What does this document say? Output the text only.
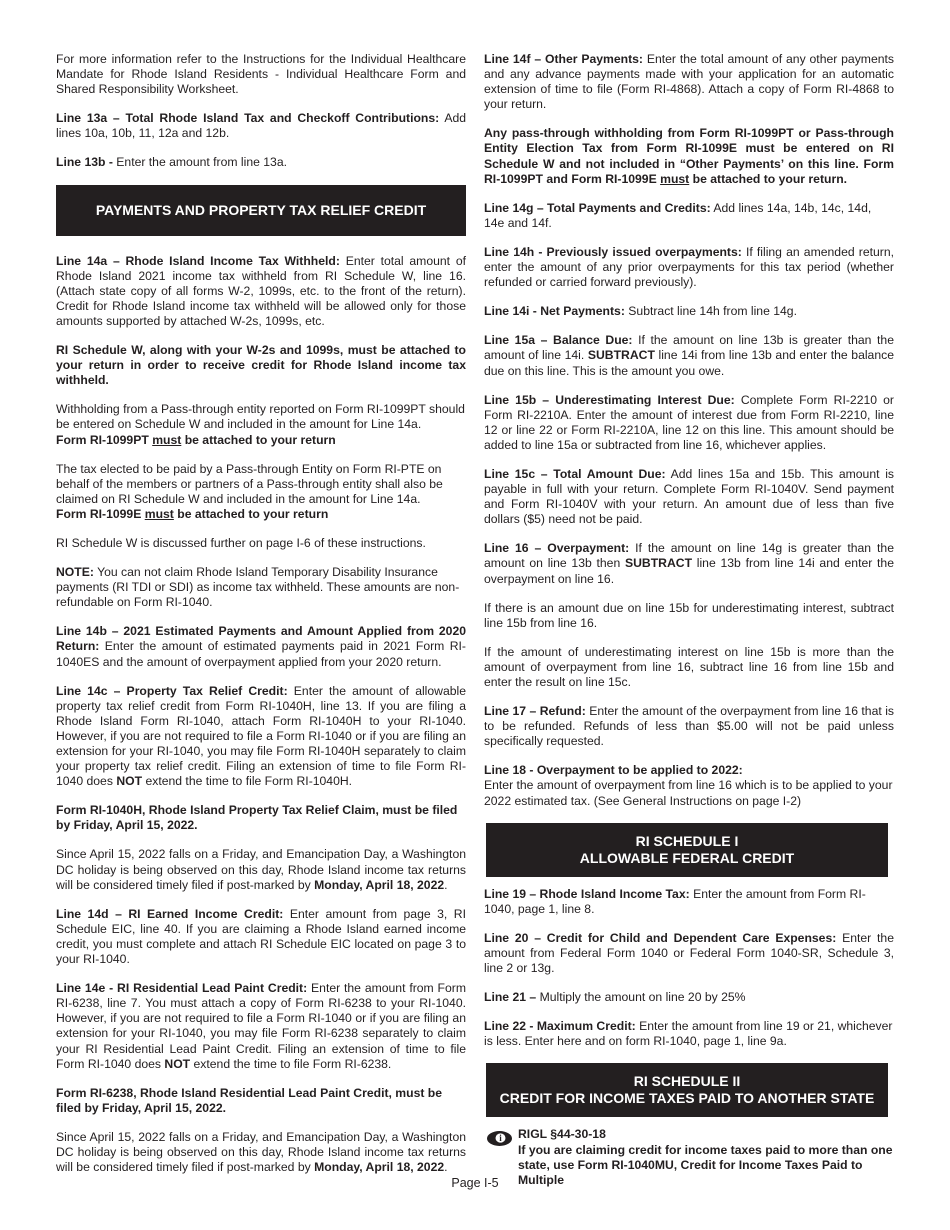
For more information refer to the Instructions for the Individual Healthcare Mandate for Rhode Island Residents - Individual Healthcare Form and Shared Responsibility Worksheet.

Line 13a – Total Rhode Island Tax and Checkoff Contributions: Add lines 10a, 10b, 11, 12a and 12b.

Line 13b - Enter the amount from line 13a.

PAYMENTS AND PROPERTY TAX RELIEF CREDIT

Line 14a – Rhode Island Income Tax Withheld: Enter total amount of Rhode Island 2021 income tax withheld from RI Schedule W, line 16. (Attach state copy of all forms W-2, 1099s, etc. to the front of the return). Credit for Rhode Island income tax withheld will be allowed only for those amounts supported by attached W-2s, 1099s, etc.

RI Schedule W, along with your W-2s and 1099s, must be attached to your return in order to receive credit for Rhode Island income tax withheld.

Withholding from a Pass-through entity reported on Form RI-1099PT should be entered on Schedule W and included in the amount for Line 14a.
Form RI-1099PT must be attached to your return

The tax elected to be paid by a Pass-through Entity on Form RI-PTE on behalf of the members or partners of a Pass-through entity shall also be claimed on RI Schedule W and included in the amount for Line 14a.
Form RI-1099E must be attached to your return

RI Schedule W is discussed further on page I-6 of these instructions.

NOTE: You can not claim Rhode Island Temporary Disability Insurance payments (RI TDI or SDI) as income tax withheld. These amounts are non-refundable on Form RI-1040.

Line 14b – 2021 Estimated Payments and Amount Applied from 2020 Return: Enter the amount of estimated payments paid in 2021 Form RI-1040ES and the amount of overpayment applied from your 2020 return.

Line 14c – Property Tax Relief Credit: Enter the amount of allowable property tax relief credit from Form RI-1040H, line 13. If you are filing a Rhode Island Form RI-1040, attach Form RI-1040H to your RI-1040. However, if you are not required to file a Form RI-1040 or if you are filing an extension for your RI-1040, you may file Form RI-1040H separately to claim your property tax relief credit. Filing an extension of time to file Form RI-1040 does NOT extend the time to file Form RI-1040H.

Form RI-1040H, Rhode Island Property Tax Relief Claim, must be filed by Friday, April 15, 2022.

Since April 15, 2022 falls on a Friday, and Emancipation Day, a Washington DC holiday is being observed on this day, Rhode Island income tax returns will be considered timely filed if post-marked by Monday, April 18, 2022.

Line 14d – RI Earned Income Credit: Enter amount from page 3, RI Schedule EIC, line 40. If you are claiming a Rhode Island earned income credit, you must complete and attach RI Schedule EIC located on page 3 to your RI-1040.

Line 14e - RI Residential Lead Paint Credit: Enter the amount from Form RI-6238, line 7. You must attach a copy of Form RI-6238 to your RI-1040. However, if you are not required to file a Form RI-1040 or if you are filing an extension for your RI-1040, you may file Form RI-6238 separately to claim your RI Residential Lead Paint Credit. Filing an extension of time to file Form RI-1040 does NOT extend the time to file Form RI-6238.

Form RI-6238, Rhode Island Residential Lead Paint Credit, must be filed by Friday, April 15, 2022.

Since April 15, 2022 falls on a Friday, and Emancipation Day, a Washington DC holiday is being observed on this day, Rhode Island income tax returns will be considered timely filed if post-marked by Monday, April 18, 2022.

Line 14f – Other Payments: Enter the total amount of any other payments and any advance payments made with your application for an automatic extension of time to file (Form RI-4868). Attach a copy of Form RI-4868 to your return.

Any pass-through withholding from Form RI-1099PT or Pass-through Entity Election Tax from Form RI-1099E must be entered on RI Schedule W and not included in “Other Payments’ on this line. Form RI-1099PT and Form RI-1099E must be attached to your return.

Line 14g – Total Payments and Credits: Add lines 14a, 14b, 14c, 14d, 14e and 14f.

Line 14h - Previously issued overpayments: If filing an amended return, enter the amount of any prior overpayments for this tax period (whether refunded or carried forward previously).

Line 14i - Net Payments: Subtract line 14h from line 14g.

Line 15a – Balance Due: If the amount on line 13b is greater than the amount of line 14i. SUBTRACT line 14i from line 13b and enter the balance due on this line. This is the amount you owe.

Line 15b – Underestimating Interest Due: Complete Form RI-2210 or Form RI-2210A. Enter the amount of interest due from Form RI-2210, line 12 or line 22 or Form RI-2210A, line 12 on this line. This amount should be added to line 15a or subtracted from line 16, whichever applies.

Line 15c – Total Amount Due: Add lines 15a and 15b. This amount is payable in full with your return. Complete Form RI-1040V. Send payment and Form RI-1040V with your return. An amount due of less than five dollars ($5) need not be paid.

Line 16 – Overpayment: If the amount on line 14g is greater than the amount on line 13b then SUBTRACT line 13b from line 14i and enter the overpayment on line 16.

If there is an amount due on line 15b for underestimating interest, subtract line 15b from line 16.

If the amount of underestimating interest on line 15b is more than the amount of overpayment from line 16, subtract line 16 from line 15b and enter the result on line 15c.

Line 17 – Refund: Enter the amount of the overpayment from line 16 that is to be refunded. Refunds of less than $5.00 will not be paid unless specifically requested.

Line 18 - Overpayment to be applied to 2022:
Enter the amount of overpayment from line 16 which is to be applied to your 2022 estimated tax. (See General Instructions on page I-2)

RI SCHEDULE I
ALLOWABLE FEDERAL CREDIT

Line 19 – Rhode Island Income Tax: Enter the amount from Form RI-1040, page 1, line 8.

Line 20 – Credit for Child and Dependent Care Expenses: Enter the amount from Federal Form 1040 or Federal Form 1040-SR, Schedule 3, line 2 or 13g.

Line 21 – Multiply the amount on line 20 by 25%

Line 22 - Maximum Credit: Enter the amount from line 19 or 21, whichever is less. Enter here and on form RI-1040, page 1, line 9a.

RI SCHEDULE II
CREDIT FOR INCOME TAXES PAID TO ANOTHER STATE
i RIGL §44-30-18
If you are claiming credit for income taxes paid to more than one state, use Form RI-1040MU, Credit for Income Taxes Paid to Multiple
Page I-5
